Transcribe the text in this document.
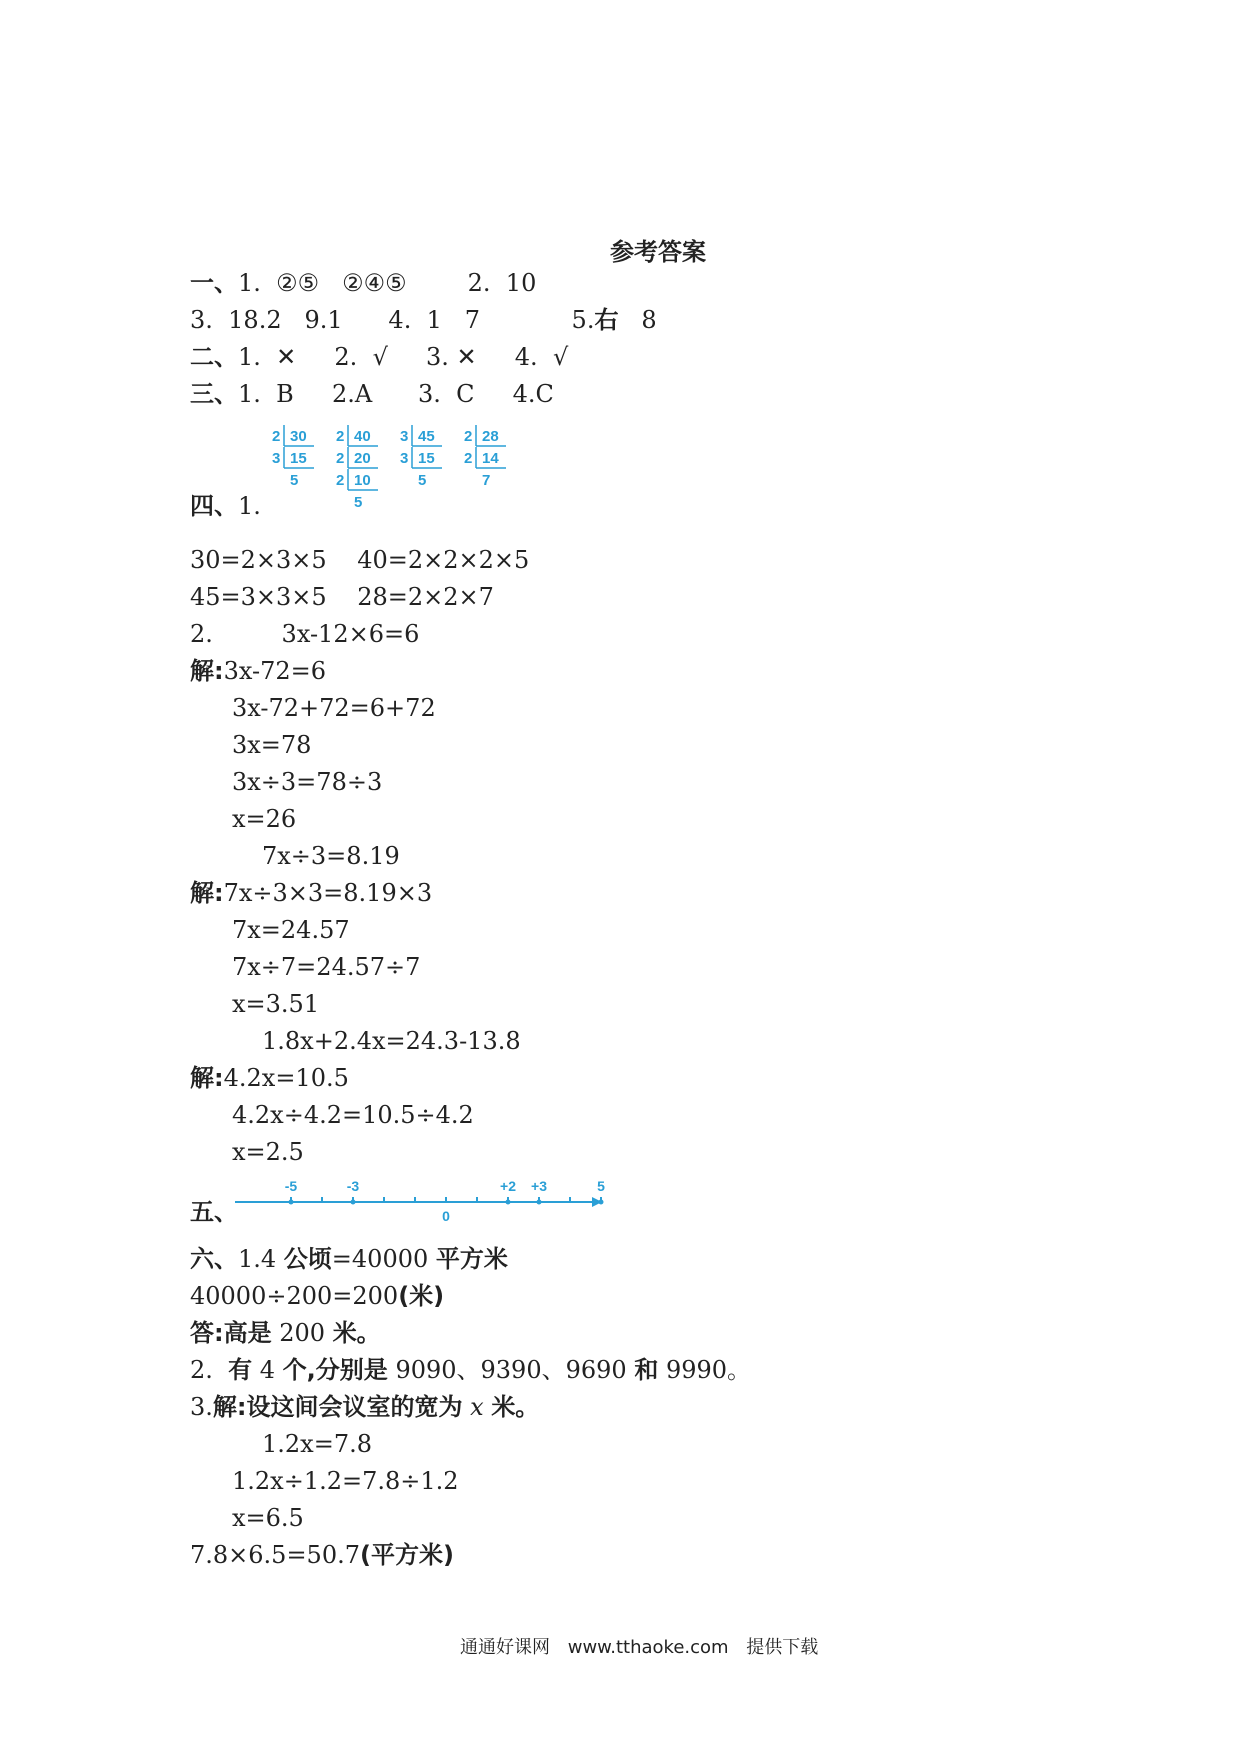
参考答案
一、1.  ②⑤   ②④⑤        2.  10
3.  18.2   9.1      4.  1   7            5.右   8
二、1.  ✕     2.  √     3. ✕     4.  √
三、1.  B     2.A      3.  C     4.C
2 30
3 15
5
2 40
2 20
2 10
5
3 45
3 15
5
2 28
2 14
7
四、1.
30=2×3×5    40=2×2×2×5
45=3×3×5    28=2×2×7
2.         3x-12×6=6
解:3x-72=6
3x-72+72=6+72
3x=78
3x÷3=78÷3
x=26
7x÷3=8.19
解:7x÷3×3=8.19×3
7x=24.57
7x÷7=24.57÷7
x=3.51
1.8x+2.4x=24.3-13.8
解:4.2x=10.5
4.2x÷4.2=10.5÷4.2
x=2.5
五、
-5	-3	+2 +3	5
0
六、1.4 公顷=40000 平方米
40000÷200=200(米)
答:高是 200 米。
2.  有 4 个,分别是 9090、9390、9690 和 9990。
3.解:设这间会议室的宽为 x 米。
1.2x=7.8
1.2x÷1.2=7.8÷1.2
x=6.5
7.8×6.5=50.7(平方米)
通通好课网 www.tthaoke.com 提供下载
